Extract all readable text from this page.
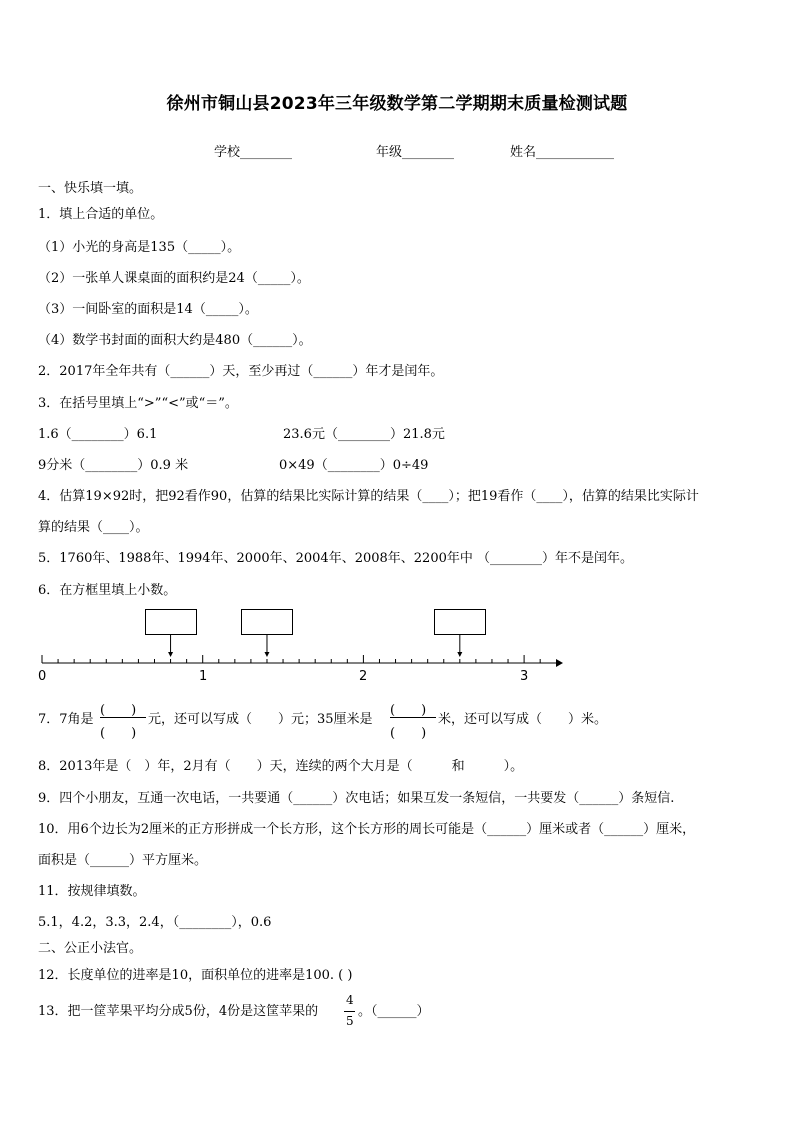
徐州市铜山县2023年三年级数学第二学期期末质量检测试题
学校________	年级________	姓名____________
一、快乐填一填。
1．填上合适的单位。
（1）小光的身高是135（_____）。
（2）一张单人课桌面的面积约是24（_____）。
（3）一间卧室的面积是14（_____）。
（4）数学书封面的面积大约是480（______）。
2．2017年全年共有（______）天，至少再过（______）年才是闰年。
3．在括号里填上“>”“<”或“＝”。
1.6（________）6.1	23.6元（________）21.8元
9分米（________）0.9 米	0×49（________）0÷49
4．估算19×92时，把92看作90，估算的结果比实际计算的结果（____）；把19看作（____），估算的结果比实际计
算的结果（____）。
5．1760年、1988年、1994年、2000年、2004年、2008年、2200年中 （________）年不是闰年。
6．在方框里填上小数。
0	1	2	3
7．7角是
(　　)
(　　)
元，还可以写成（　　）元；35厘米是
(　　)
(　　)
米，还可以写成（　　）米。
8．2013年是（　）年，2月有（　　）天，连续的两个大月是（　　　和　　　）。
9．四个小朋友，互通一次电话，一共要通（______）次电话；如果互发一条短信，一共要发（______）条短信.
10．用6个边长为2厘米的正方形拼成一个长方形，这个长方形的周长可能是（______）厘米或者（______）厘米，
面积是（______）平方厘米。
11．按规律填数。
5.1，4.2，3.3，2.4，（________），0.6
二、公正小法官。
12．长度单位的进率是10，面积单位的进率是100. ( )
13．把一筐苹果平均分成5份，4份是这筐苹果的
4
5
。（______）
